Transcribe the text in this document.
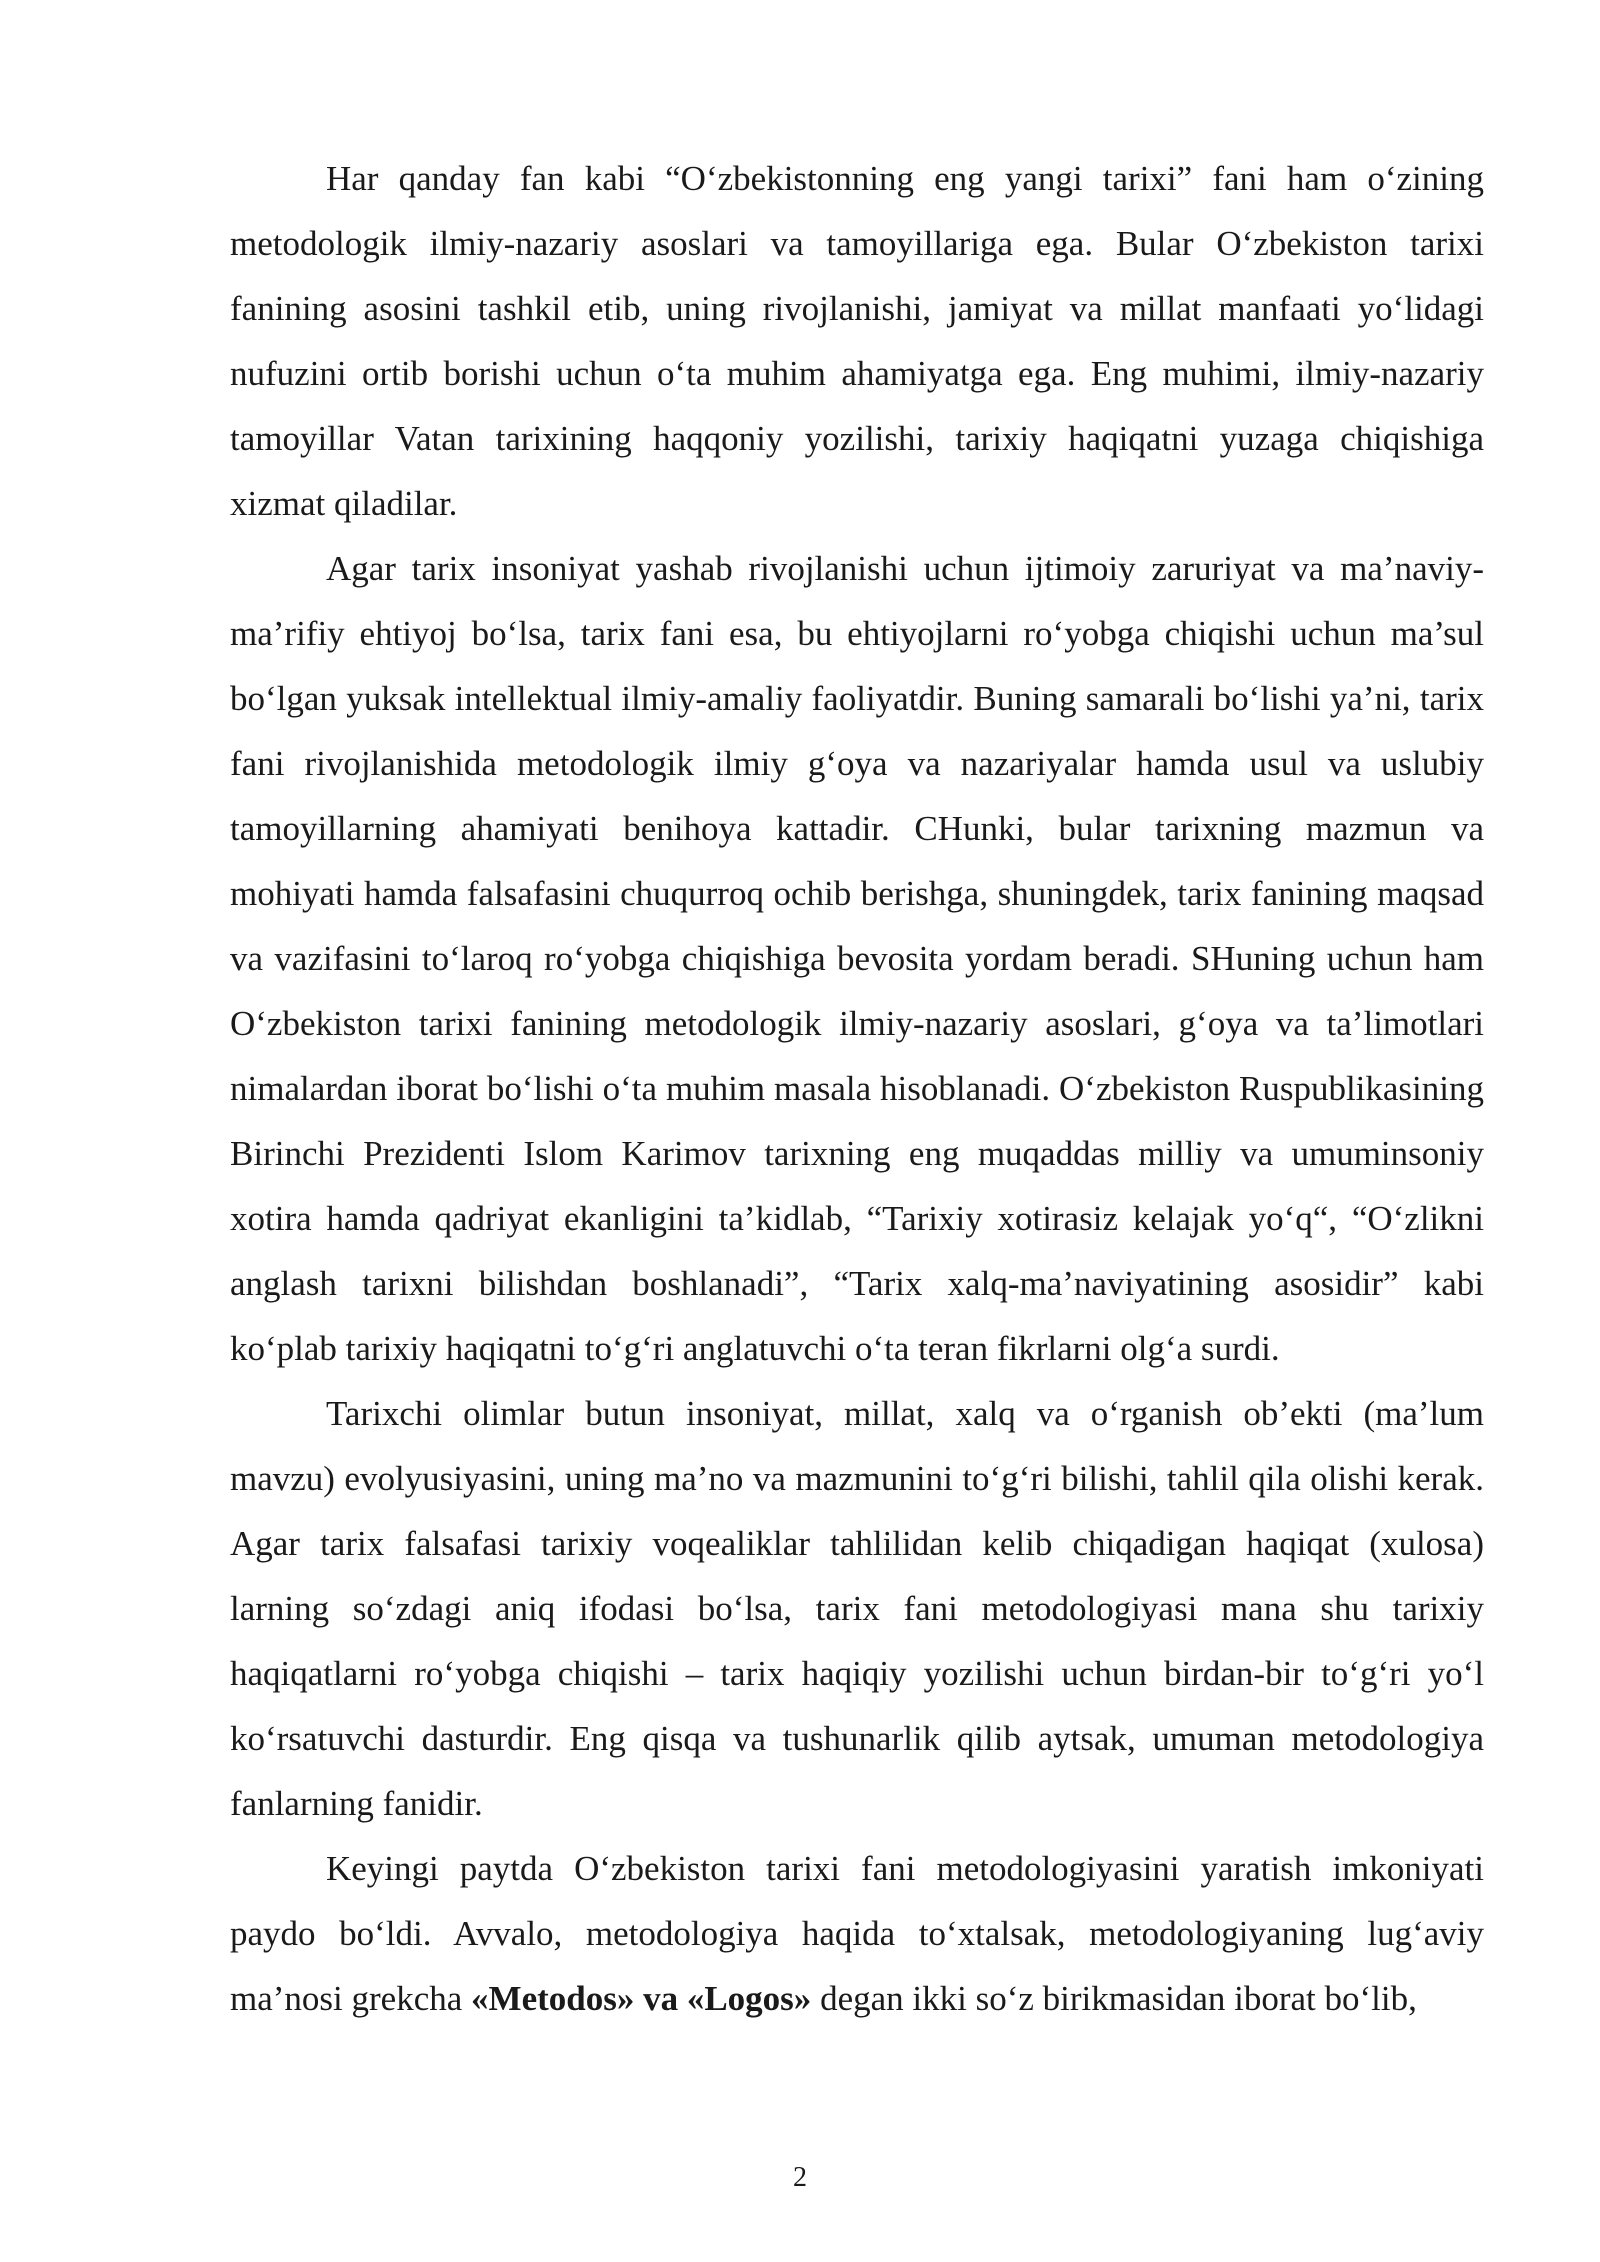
Har qanday fan kabi “O‘zbekistonning eng yangi tarixi” fani ham o‘zining metodologik ilmiy-nazariy asoslari va tamoyillariga ega. Bular O‘zbekiston tarixi fanining asosini tashkil etib, uning rivojlanishi, jamiyat va millat manfaati yo‘lidagi nufuzini ortib borishi uchun o‘ta muhim ahamiyatga ega. Eng muhimi, ilmiy-nazariy tamoyillar Vatan tarixining haqqoniy yozilishi, tarixiy haqiqatni yuzaga chiqishiga xizmat qiladilar.

Agar tarix insoniyat yashab rivojlanishi uchun ijtimoiy zaruriyat va ma’naviy-ma’rifiy ehtiyoj bo‘lsa, tarix fani esa, bu ehtiyojlarni ro‘yobga chiqishi uchun ma’sul bo‘lgan yuksak intellektual ilmiy-amaliy faoliyatdir. Buning samarali bo‘lishi ya’ni, tarix fani rivojlanishida metodologik ilmiy g‘oya va nazariyalar hamda usul va uslubiy tamoyillarning ahamiyati benihoya kattadir. CHunki, bular tarixning mazmun va mohiyati hamda falsafasini chuqurroq ochib berishga, shuningdek, tarix fanining maqsad va vazifasini to‘laroq ro‘yobga chiqishiga bevosita yordam beradi. SHuning uchun ham O‘zbekiston tarixi fanining metodologik ilmiy-nazariy asoslari, g‘oya va ta’limotlari nimalardan iborat bo‘lishi o‘ta muhim masala hisoblanadi. O‘zbekiston Ruspublikasining Birinchi Prezidenti Islom Karimov tarixning eng muqaddas milliy va umuminsoniy xotira hamda qadriyat ekanligini ta’kidlab, “Tarixiy xotirasiz kelajak yo‘q“, “O‘zlikni anglash tarixni bilishdan boshlanadi”, “Tarix xalq-ma’naviyatining asosidir” kabi ko‘plab tarixiy haqiqatni to‘g‘ri anglatuvchi o‘ta teran fikrlarni olg‘a surdi.

Tarixchi olimlar butun insoniyat, millat, xalq va o‘rganish ob’ekti (ma’lum mavzu) evolyusiyasini, uning ma’no va mazmunini to‘g‘ri bilishi, tahlil qila olishi kerak. Agar tarix falsafasi tarixiy voqealiklar tahlilidan kelib chiqadigan haqiqat (xulosa) larning so‘zdagi aniq ifodasi bo‘lsa, tarix fani metodologiyasi mana shu tarixiy haqiqatlarni ro‘yobga chiqishi – tarix haqiqiy yozilishi uchun birdan-bir to‘g‘ri yo‘l ko‘rsatuvchi dasturdir. Eng qisqa va tushunarlik qilib aytsak, umuman metodologiya fanlarning fanidir.

Keyingi paytda O‘zbekiston tarixi fani metodologiyasini yaratish imkoniyati paydo bo‘ldi. Avvalo, metodologiya haqida to‘xtalsak, metodologiyaning lug‘aviy ma’nosi grekcha «Metodos» va «Logos» degan ikki so‘z birikmasidan iborat bo‘lib,

2
